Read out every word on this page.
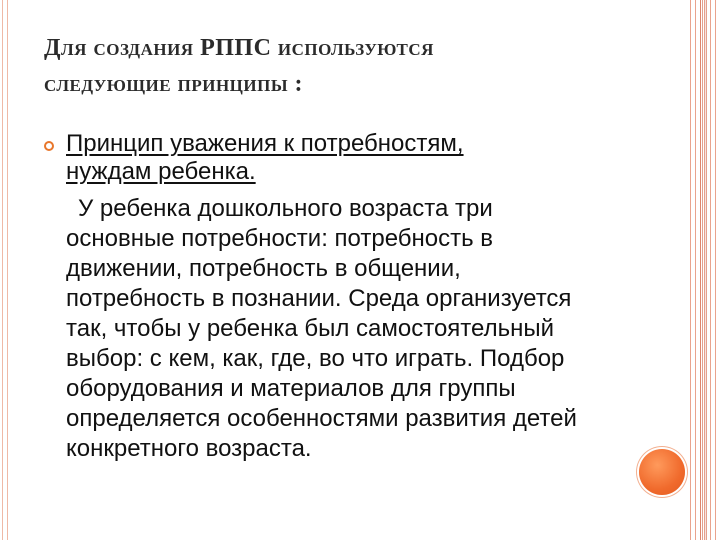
Для создания РППС используются
следующие принципы :
Принцип уважения к потребностям,
нуждам ребенка.
У ребенка дошкольного возраста три основные потребности: потребность в движении, потребность в общении, потребность в познании. Среда организуется так, чтобы у ребенка был самостоятельный выбор: с кем, как, где, во что играть. Подбор оборудования и материалов для группы определяется особенностями развития детей конкретного возраста.
